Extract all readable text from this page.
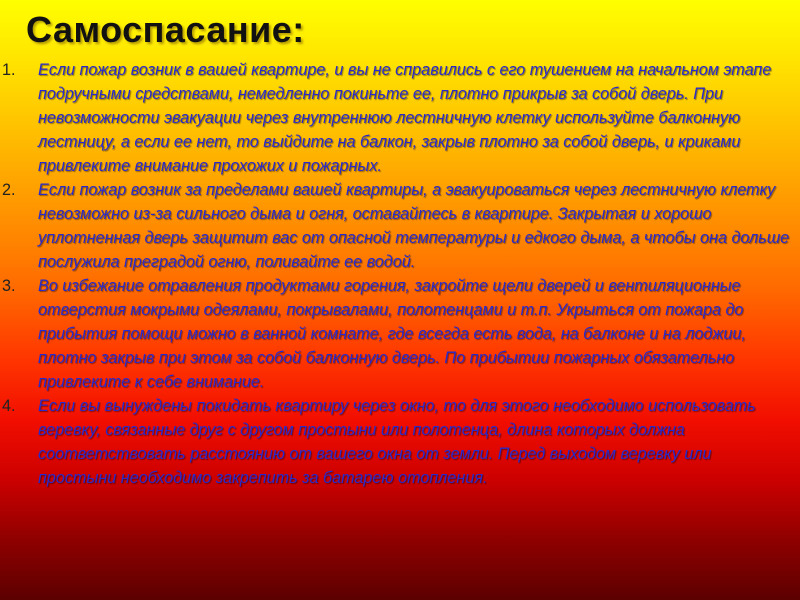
Самоспасание:
1. Если пожар возник в вашей квартире, и вы не справились с его тушением на начальном этапе подручными средствами, немедленно покиньте ее, плотно прикрыв за собой дверь. При невозможности эвакуации через внутреннюю лестничную клетку используйте балконную лестницу, а если ее нет, то выйдите на балкон, закрыв плотно за собой дверь, и криками привлеките внимание прохожих и пожарных.
2. Если пожар возник за пределами вашей квартиры, а эвакуироваться через лестничную клетку невозможно из-за сильного дыма и огня, оставайтесь в квартире. Закрытая и хорошо уплотненная дверь защитит вас от опасной температуры и едкого дыма, а чтобы она дольше послужила преградой огню, поливайте ее водой.
3. Во избежание отравления продуктами горения, закройте щели дверей и вентиляционные отверстия мокрыми одеялами, покрывалами, полотенцами и т.п. Укрыться от пожара до прибытия помощи можно в ванной комнате, где всегда есть вода, на балконе и на лоджии, плотно закрыв при этом за собой балконную дверь. По прибытии пожарных обязательно привлеките к себе внимание.
4. Если вы вынуждены покидать квартиру через окно, то для этого необходимо использовать веревку, связанные друг с другом простыни или полотенца, длина которых должна соответствовать расстоянию от вашего окна от земли. Перед выходом веревку или простыни необходимо закрепить за батарею отопления.
